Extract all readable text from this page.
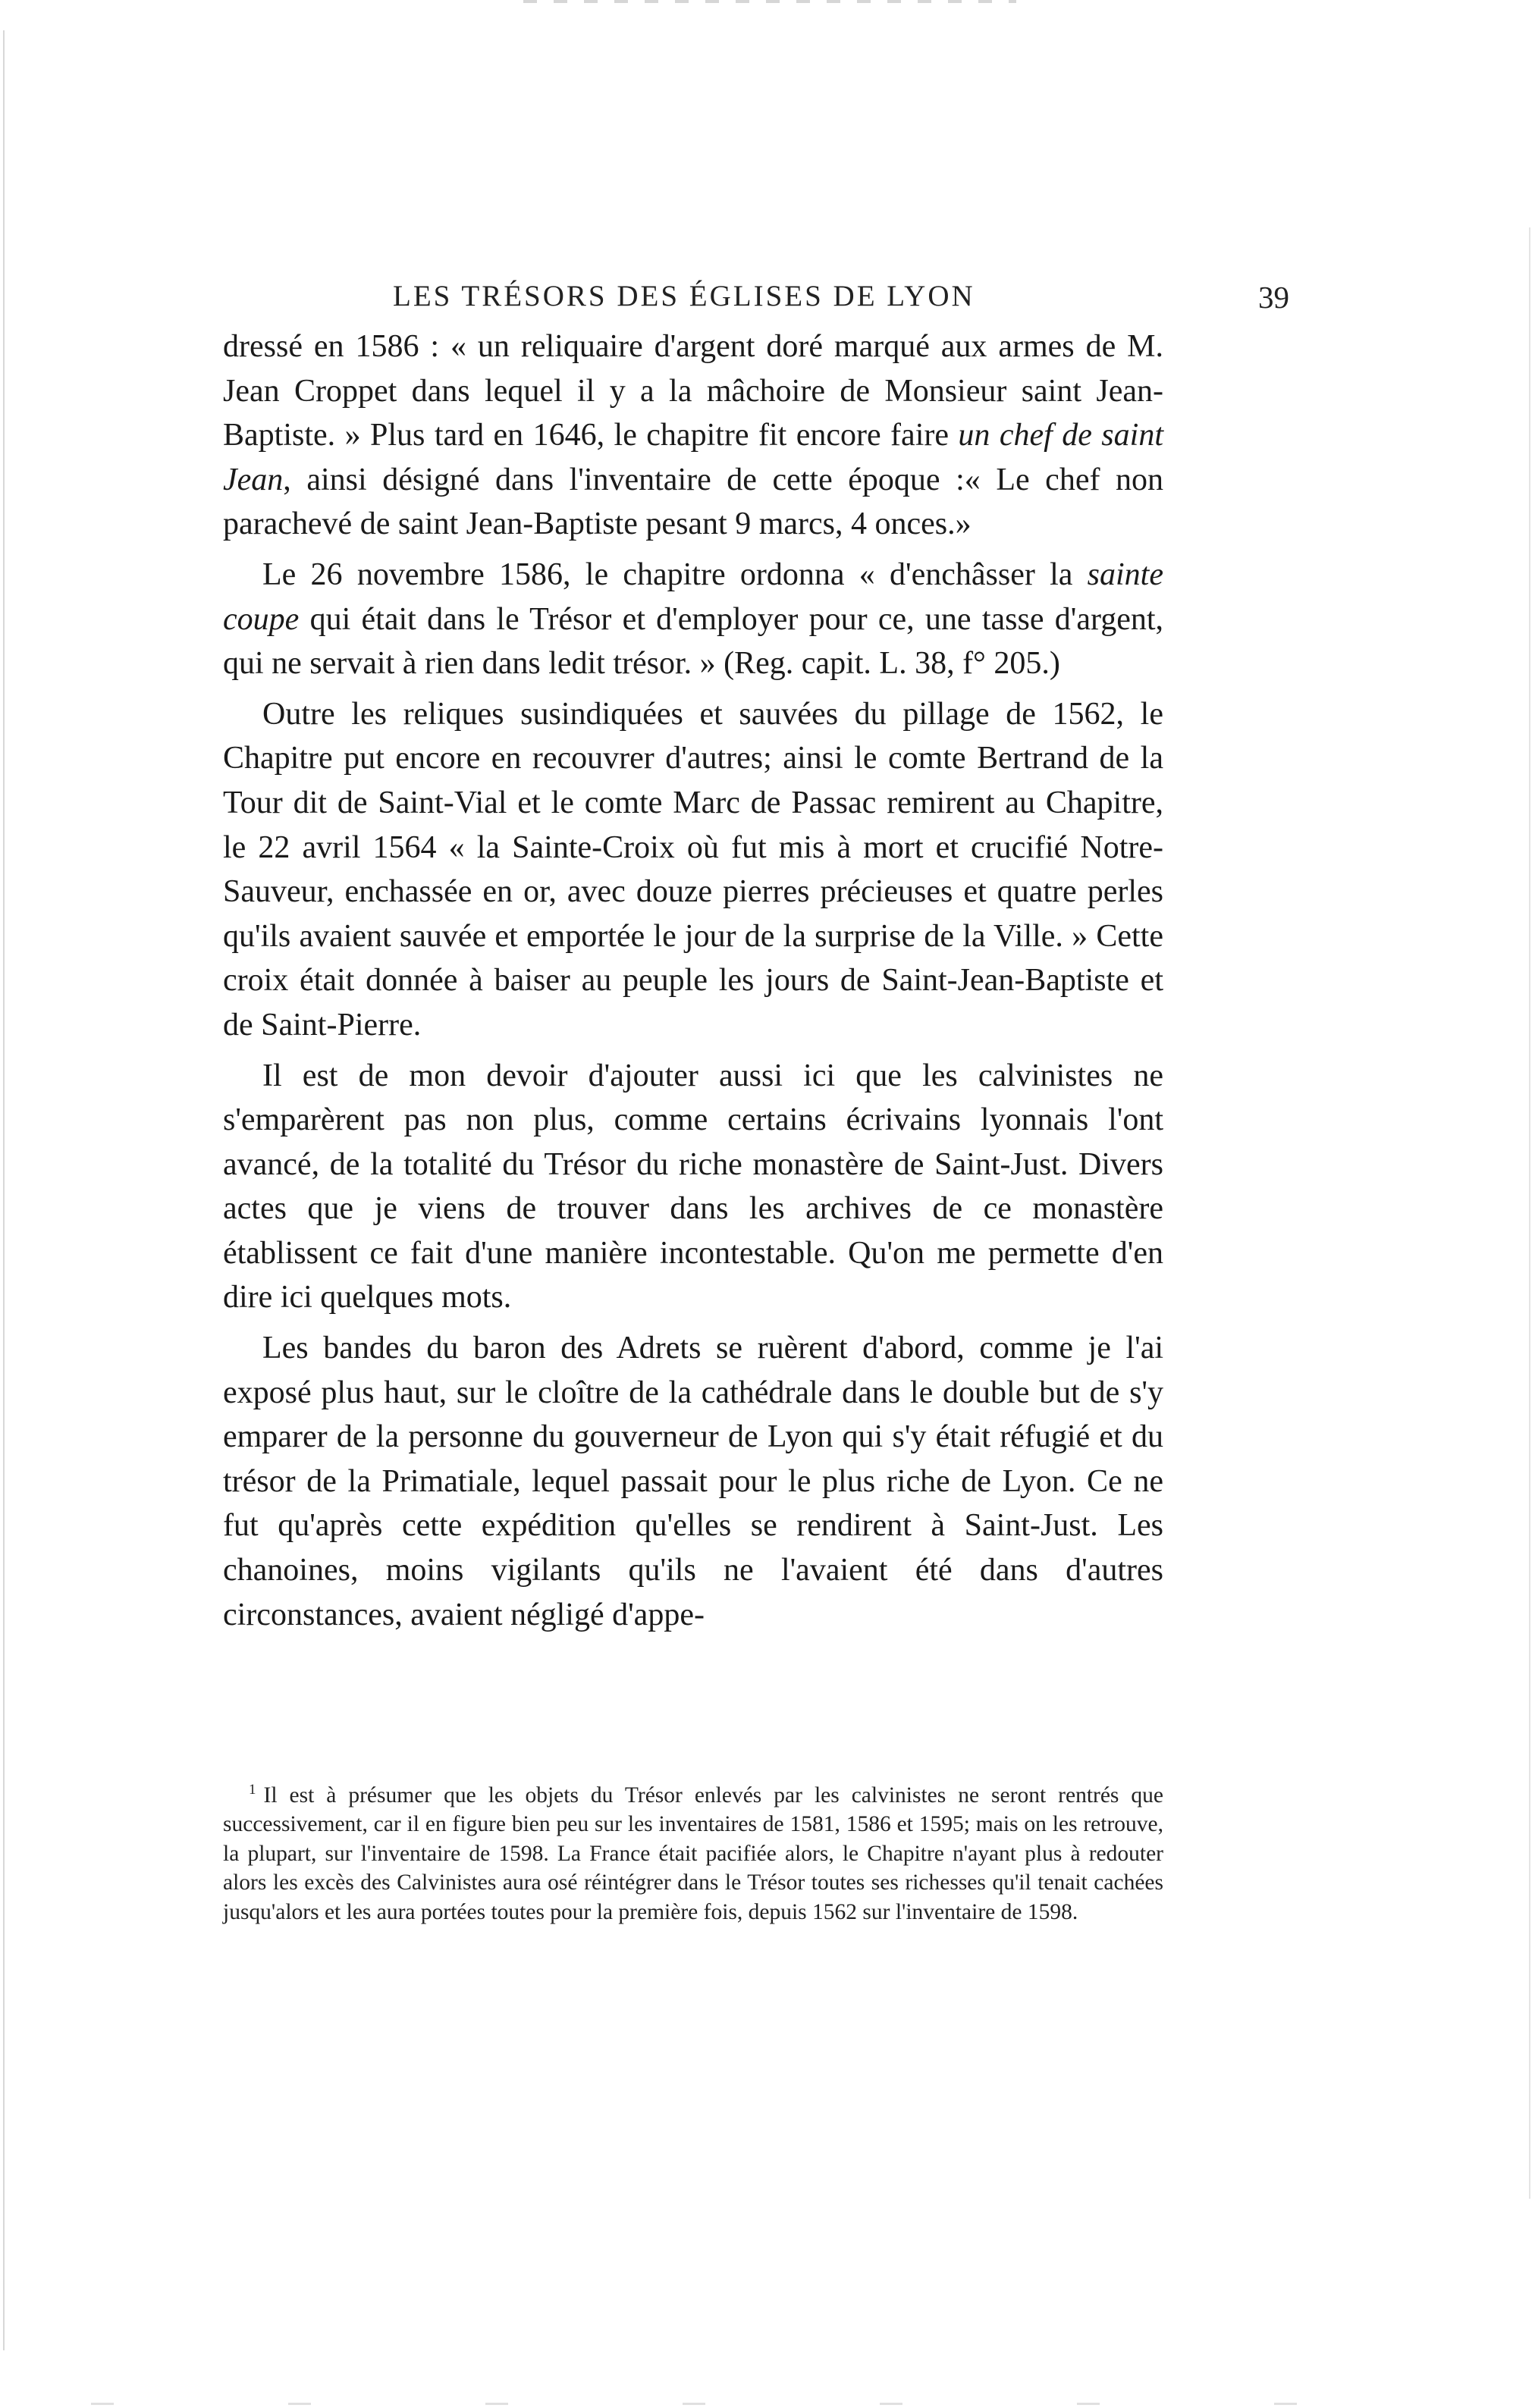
LES TRÉSORS DES ÉGLISES DE LYON	39

dressé en 1586 : « un reliquaire d'argent doré marqué aux armes de M. Jean Croppet dans lequel il y a la mâchoire de Monsieur saint Jean-Baptiste. » Plus tard en 1646, le chapitre fit encore faire un chef de saint Jean, ainsi désigné dans l'inventaire de cette époque :« Le chef non parachevé de saint Jean-Baptiste pesant 9 marcs, 4 onces.»

Le 26 novembre 1586, le chapitre ordonna « d'enchâsser la sainte coupe qui était dans le Trésor et d'employer pour ce, une tasse d'argent, qui ne servait à rien dans ledit trésor. » (Reg. capit. L. 38, f° 205.)

Outre les reliques susindiquées et sauvées du pillage de 1562, le Chapitre put encore en recouvrer d'autres; ainsi le comte Bertrand de la Tour dit de Saint-Vial et le comte Marc de Passac remirent au Chapitre, le 22 avril 1564 « la Sainte-Croix où fut mis à mort et crucifié Notre-Sauveur, enchassée en or, avec douze pierres précieuses et quatre perles qu'ils avaient sauvée et emportée le jour de la surprise de la Ville. » Cette croix était donnée à baiser au peuple les jours de Saint-Jean-Baptiste et de Saint-Pierre.

Il est de mon devoir d'ajouter aussi ici que les calvinistes ne s'emparèrent pas non plus, comme certains écrivains lyonnais l'ont avancé, de la totalité du Trésor du riche monastère de Saint-Just. Divers actes que je viens de trouver dans les archives de ce monastère établissent ce fait d'une manière incontestable. Qu'on me permette d'en dire ici quelques mots.

Les bandes du baron des Adrets se ruèrent d'abord, comme je l'ai exposé plus haut, sur le cloître de la cathédrale dans le double but de s'y emparer de la personne du gouverneur de Lyon qui s'y était réfugié et du trésor de la Primatiale, lequel passait pour le plus riche de Lyon. Ce ne fut qu'après cette expédition qu'elles se rendirent à Saint-Just. Les chanoines, moins vigilants qu'ils ne l'avaient été dans d'autres circonstances, avaient négligé d'appe-

$^1$ Il est à présumer que les objets du Trésor enlevés par les calvinistes ne seront rentrés que successivement, car il en figure bien peu sur les inventaires de 1581, 1586 et 1595; mais on les retrouve, la plupart, sur l'inventaire de 1598. La France était pacifiée alors, le Chapitre n'ayant plus à redouter alors les excès des Calvinistes aura osé réintégrer dans le Trésor toutes ses richesses qu'il tenait cachées jusqu'alors et les aura portées toutes pour la première fois, depuis 1562 sur l'inventaire de 1598.
